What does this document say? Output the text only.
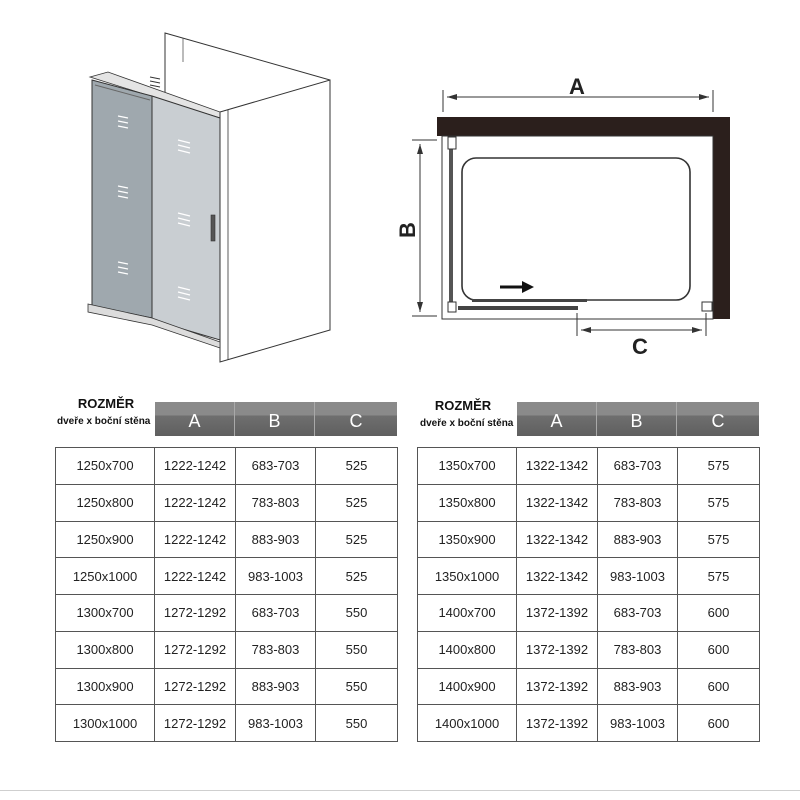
A
B
C
ROZMĚR
dveře x boční stěna	A	B	C
1250x700	1222-1242	683-703	525
1250x800	1222-1242	783-803	525
1250x900	1222-1242	883-903	525
1250x1000	1222-1242	983-1003	525
1300x700	1272-1292	683-703	550
1300x800	1272-1292	783-803	550
1300x900	1272-1292	883-903	550
1300x1000	1272-1292	983-1003	550
ROZMĚR
dveře x boční stěna	A	B	C
1350x700	1322-1342	683-703	575
1350x800	1322-1342	783-803	575
1350x900	1322-1342	883-903	575
1350x1000	1322-1342	983-1003	575
1400x700	1372-1392	683-703	600
1400x800	1372-1392	783-803	600
1400x900	1372-1392	883-903	600
1400x1000	1372-1392	983-1003	600
